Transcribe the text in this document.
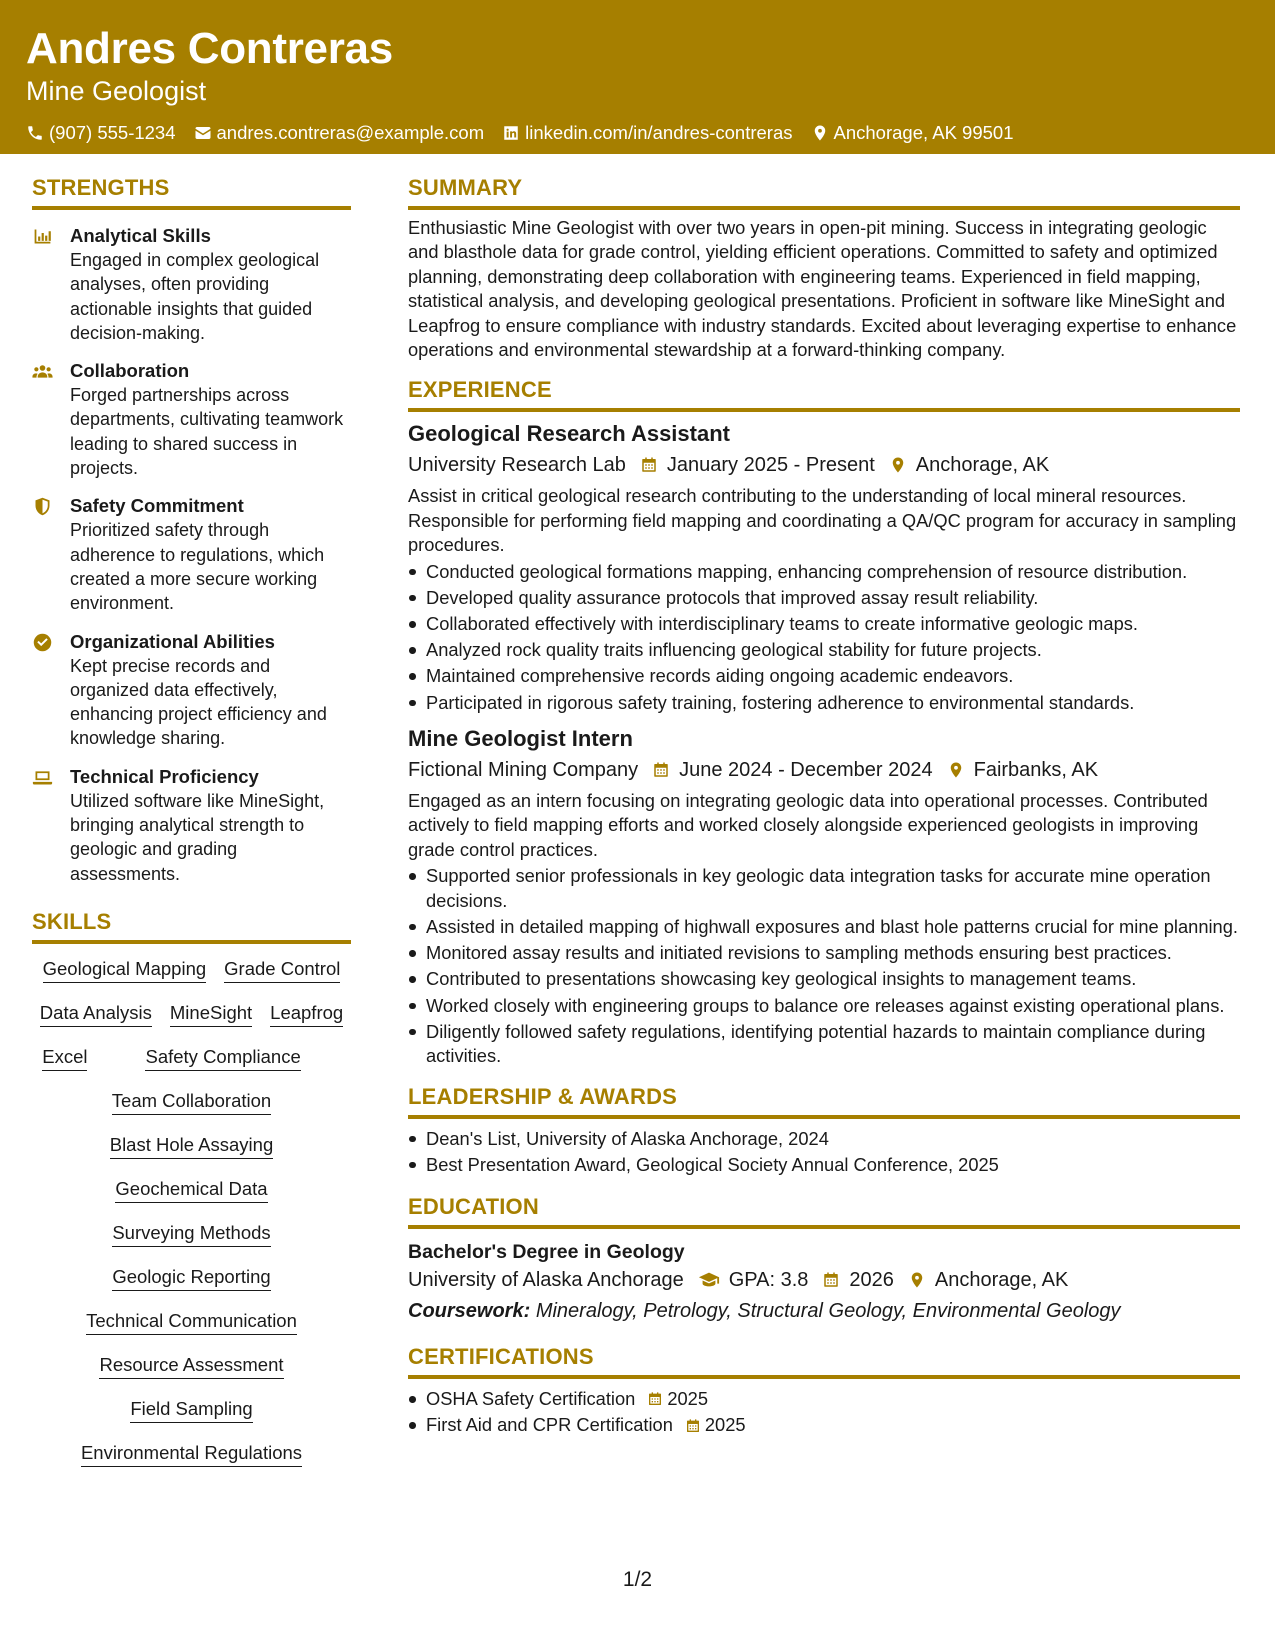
Andres Contreras
Mine Geologist
(907) 555-1234 andres.contreras@example.com linkedin.com/in/andres-contreras Anchorage, AK 99501
STRENGTHS
Analytical Skills
Engaged in complex geological analyses, often providing actionable insights that guided decision-making.
Collaboration
Forged partnerships across departments, cultivating teamwork leading to shared success in projects.
Safety Commitment
Prioritized safety through adherence to regulations, which created a more secure working environment.
Organizational Abilities
Kept precise records and organized data effectively, enhancing project efficiency and knowledge sharing.
Technical Proficiency
Utilized software like MineSight, bringing analytical strength to geologic and grading assessments.
SKILLS
Geological Mapping Grade Control
Data Analysis MineSight Leapfrog
Excel	Safety Compliance
Team Collaboration
Blast Hole Assaying
Geochemical Data
Surveying Methods
Geologic Reporting
Technical Communication
Resource Assessment
Field Sampling
Environmental Regulations
SUMMARY
Enthusiastic Mine Geologist with over two years in open-pit mining. Success in integrating geologic and blasthole data for grade control, yielding efficient operations. Committed to safety and optimized planning, demonstrating deep collaboration with engineering teams. Experienced in field mapping, statistical analysis, and developing geological presentations. Proficient in software like MineSight and Leapfrog to ensure compliance with industry standards. Excited about leveraging expertise to enhance operations and environmental stewardship at a forward-thinking company.
EXPERIENCE
Geological Research Assistant
University Research Lab January 2025 - Present Anchorage, AK
Assist in critical geological research contributing to the understanding of local mineral resources. Responsible for performing field mapping and coordinating a QA/QC program for accuracy in sampling procedures.
Conducted geological formations mapping, enhancing comprehension of resource distribution.
Developed quality assurance protocols that improved assay result reliability.
Collaborated effectively with interdisciplinary teams to create informative geologic maps.
Analyzed rock quality traits influencing geological stability for future projects.
Maintained comprehensive records aiding ongoing academic endeavors.
Participated in rigorous safety training, fostering adherence to environmental standards.
Mine Geologist Intern
Fictional Mining Company June 2024 - December 2024 Fairbanks, AK
Engaged as an intern focusing on integrating geologic data into operational processes. Contributed actively to field mapping efforts and worked closely alongside experienced geologists in improving grade control practices.
Supported senior professionals in key geologic data integration tasks for accurate mine operation decisions.
Assisted in detailed mapping of highwall exposures and blast hole patterns crucial for mine planning.
Monitored assay results and initiated revisions to sampling methods ensuring best practices.
Contributed to presentations showcasing key geological insights to management teams.
Worked closely with engineering groups to balance ore releases against existing operational plans.
Diligently followed safety regulations, identifying potential hazards to maintain compliance during activities.
LEADERSHIP & AWARDS
Dean's List, University of Alaska Anchorage, 2024
Best Presentation Award, Geological Society Annual Conference, 2025
EDUCATION
Bachelor's Degree in Geology
University of Alaska Anchorage GPA: 3.8 2026 Anchorage, AK
Coursework: Mineralogy, Petrology, Structural Geology, Environmental Geology
CERTIFICATIONS
OSHA Safety Certification 2025
First Aid and CPR Certification 2025
1/2
